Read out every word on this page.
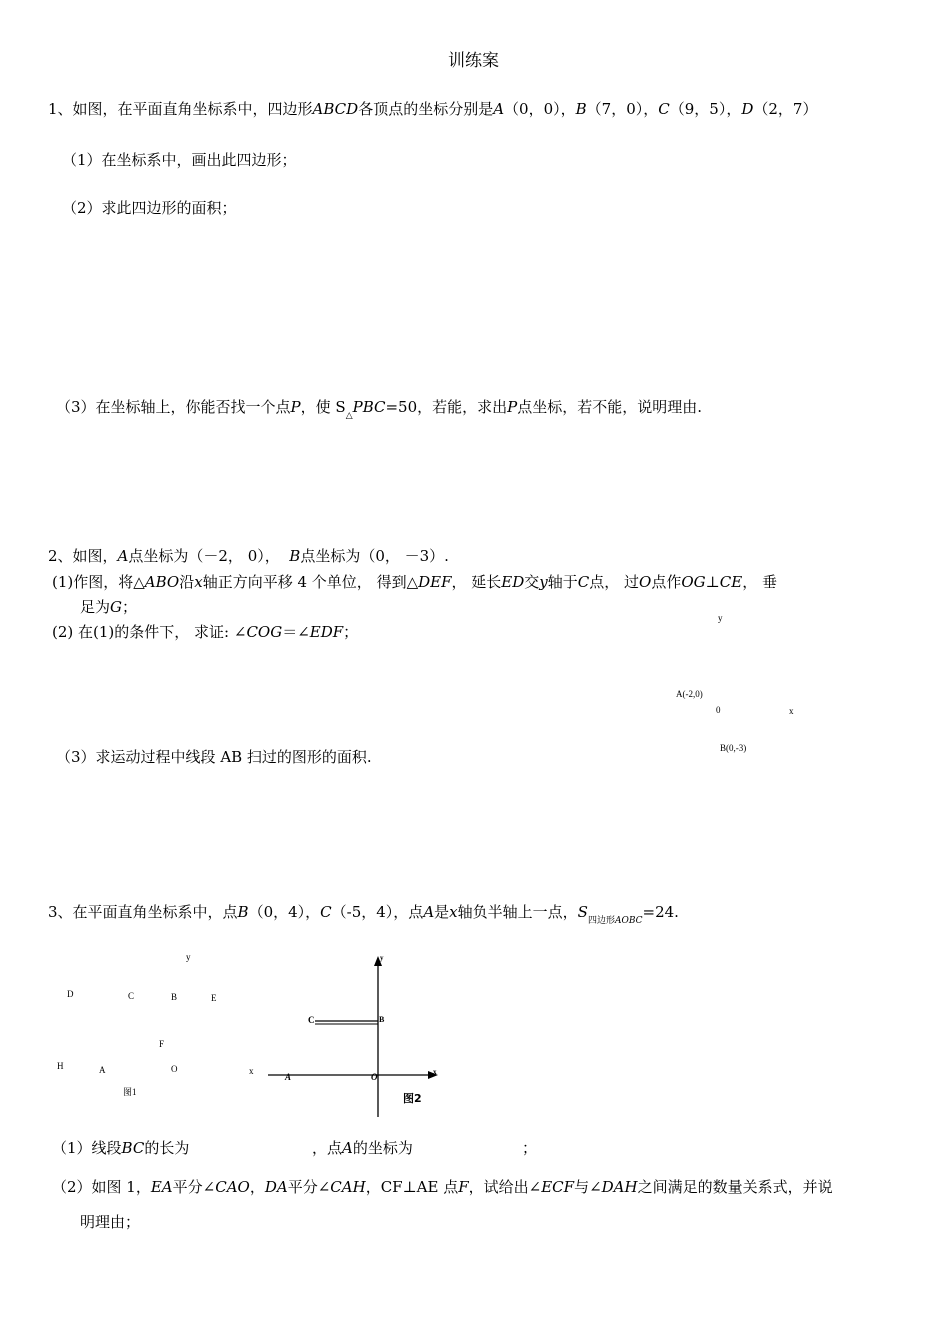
训练案
1、如图，在平面直角坐标系中，四边形ABCD各顶点的坐标分别是A（0，0），B（7，0），C（9，5），D（2，7）
（1）在坐标系中，画出此四边形；
（2）求此四边形的面积；
（3）在坐标轴上，你能否找一个点P，使 $S_\triangle PBC=50$，若能，求出P点坐标，若不能，说明理由.
2、如图，A点坐标为（－2， 0）， B点坐标为（0， －3）.
(1)作图，将△ABO沿x轴正方向平移 4 个单位， 得到△DEF， 延长ED交y轴于C点， 过O点作OG⊥CE， 垂
足为G；
(2) 在(1)的条件下， 求证: ∠COG＝∠EDF；
（3）求运动过程中线段 AB 扫过的图形的面积.
y
A(-2,0)
0	x
B(0,-3)
3、在平面直角坐标系中，点B（0，4），C（-5，4），点A是x轴负半轴上一点，$S_{四边形AOBC}=24$.
y
D	C	B	E
F
H	A	O
图1
x
y
C	B
A	O	x
图2
（1）线段BC的长为	，点A的坐标为	；
（2）如图 1，EA平分∠CAO，DA平分∠CAH，CF⊥AE 点F，试给出∠ECF与∠DAH之间满足的数量关系式，并说
明理由；
